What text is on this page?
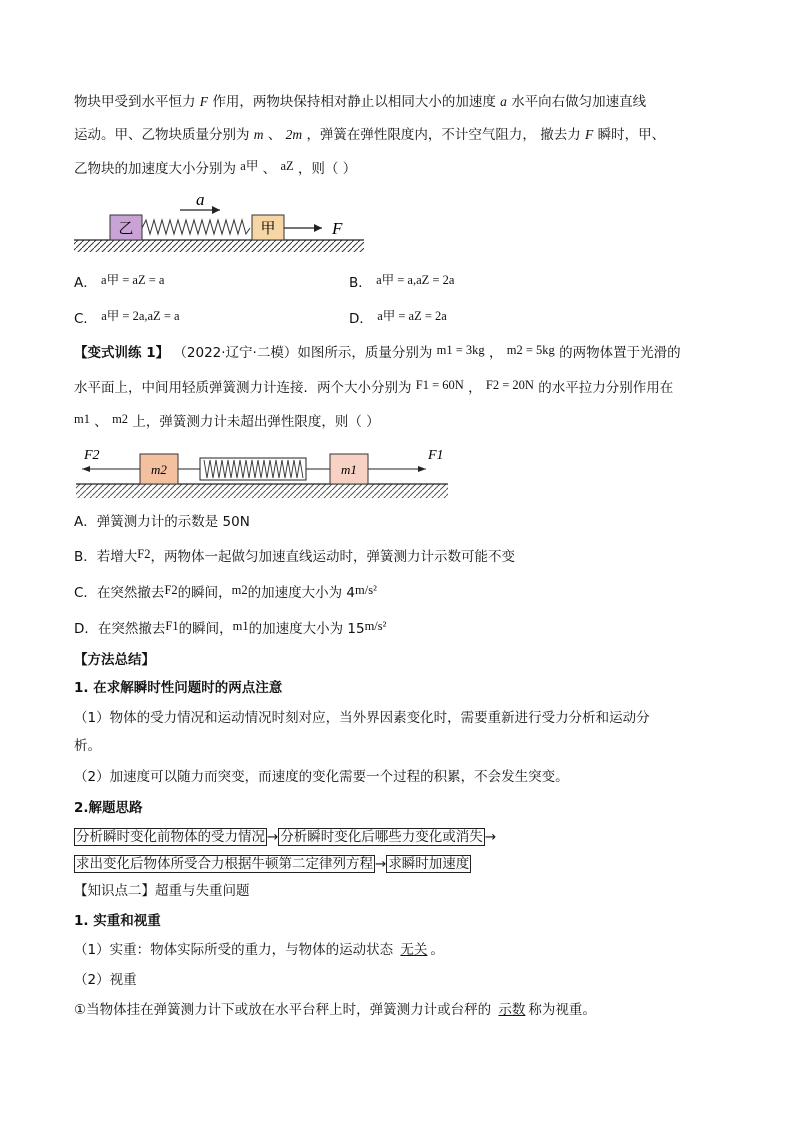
物块甲受到水平恒力 F 作用，两物块保持相对静止以相同大小的加速度 a 水平向右做匀加速直线
运动。甲、乙物块质量分别为 m 、 2m ，弹簧在弹性限度内，不计空气阻力， 撤去力 F 瞬时，甲、
乙物块的加速度大小分别为 a甲 、 aZ ，则（ ）
乙	甲	F
a
A． a甲 = aZ = a	B． a甲 = a,aZ = 2a
C． a甲 = 2a,aZ = a	D． a甲 = aZ = 2a
【变式训练 1】 （2022·辽宁·二模）如图所示，质量分别为 m1 = 3kg ， m2 = 5kg 的两物体置于光滑的
水平面上，中间用轻质弹簧测力计连接．两个大小分别为 F1 = 60N ， F2 = 20N 的水平拉力分别作用在
m1 、 m2 上，弹簧测力计未超出弹性限度，则（ ）
F2
m2	m1
F1
A．弹簧测力计的示数是 50N
B．若增大F2，两物体一起做匀加速直线运动时，弹簧测力计示数可能不变
C．在突然撤去F2的瞬间，m2的加速度大小为 4m/s²
D．在突然撤去F1的瞬间，m1的加速度大小为 15m/s²
【方法总结】
1. 在求解瞬时性问题时的两点注意
（1）物体的受力情况和运动情况时刻对应，当外界因素变化时，需要重新进行受力分析和运动分
析。
（2）加速度可以随力而突变，而速度的变化需要一个过程的积累，不会发生突变。
2.解题思路
分析瞬时变化前物体的受力情况 → 分析瞬时变化后哪些力变化或消失 →
求出变化后物体所受合力根据牛顿第二定律列方程 → 求瞬时加速度
【知识点二】超重与失重问题
1. 实重和视重
（1）实重：物体实际所受的重力，与物体的运动状态 无关 。
（2）视重
①当物体挂在弹簧测力计下或放在水平台秤上时，弹簧测力计或台秤的 示数 称为视重。
